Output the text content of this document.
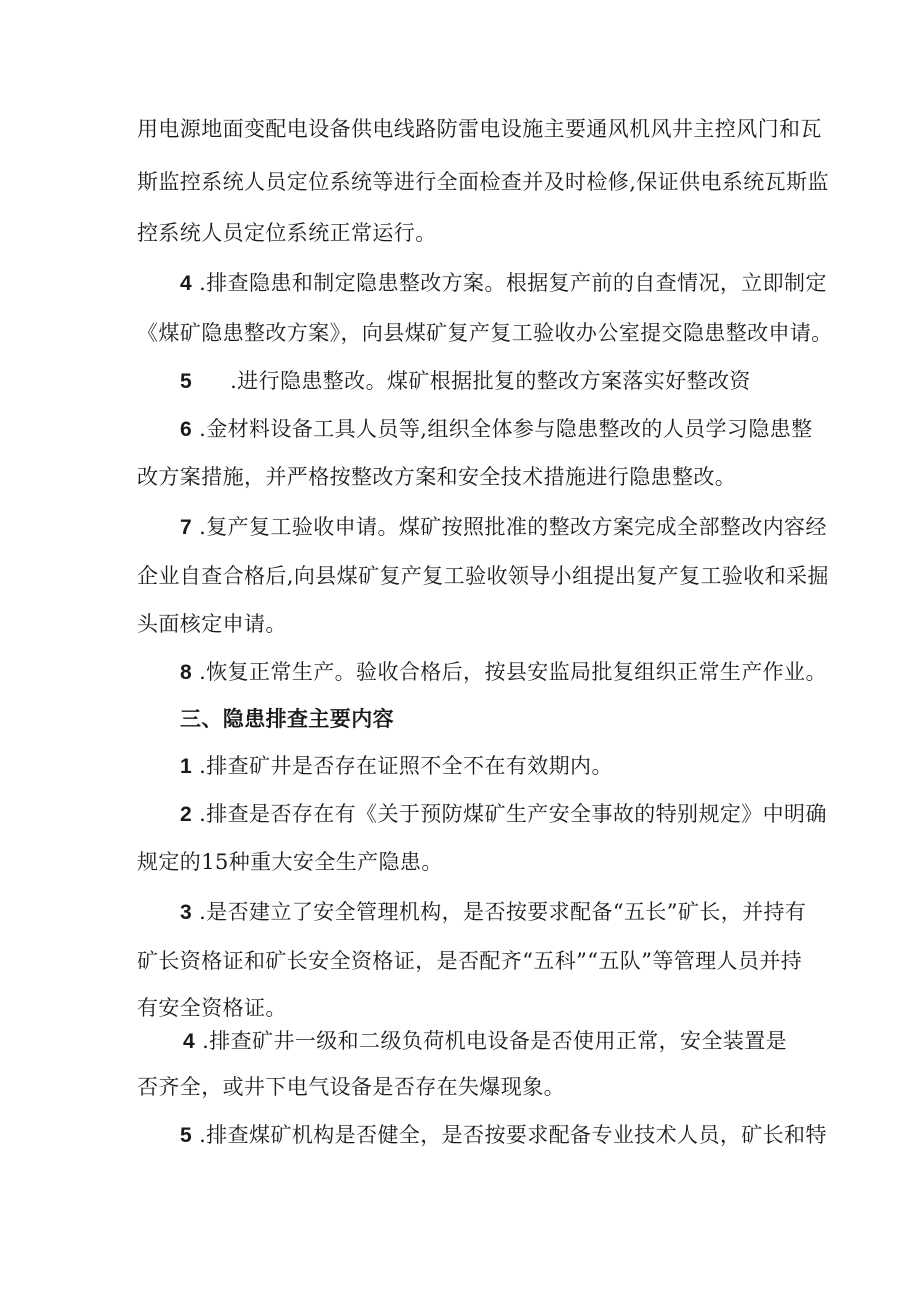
用电源地面变配电设备供电线路防雷电设施主要通风机风井主控风门和瓦

斯监控系统人员定位系统等进行全面检查并及时检修,保证供电系统瓦斯监

控系统人员定位系统正常运行。

4 .排查隐患和制定隐患整改方案。根据复产前的自查情况，立即制定

《煤矿隐患整改方案》，向县煤矿复产复工验收办公室提交隐患整改申请。

5 .进行隐患整改。煤矿根据批复的整改方案落实好整改资

6 .金材料设备工具人员等,组织全体参与隐患整改的人员学习隐患整

改方案措施，并严格按整改方案和安全技术措施进行隐患整改。

7 .复产复工验收申请。煤矿按照批准的整改方案完成全部整改内容经

企业自查合格后,向县煤矿复产复工验收领导小组提出复产复工验收和采掘

头面核定申请。

8 .恢复正常生产。验收合格后，按县安监局批复组织正常生产作业。

三、隐患排查主要内容

1 .排查矿井是否存在证照不全不在有效期内。

2 .排查是否存在有《关于预防煤矿生产安全事故的特别规定》中明确

规定的15种重大安全生产隐患。

3 .是否建立了安全管理机构，是否按要求配备“五长”矿长，并持有

矿长资格证和矿长安全资格证，是否配齐“五科”“五队”等管理人员并持

有安全资格证。

4 .排查矿井一级和二级负荷机电设备是否使用正常，安全装置是

否齐全，或井下电气设备是否存在失爆现象。

5 .排查煤矿机构是否健全，是否按要求配备专业技术人员，矿长和特
